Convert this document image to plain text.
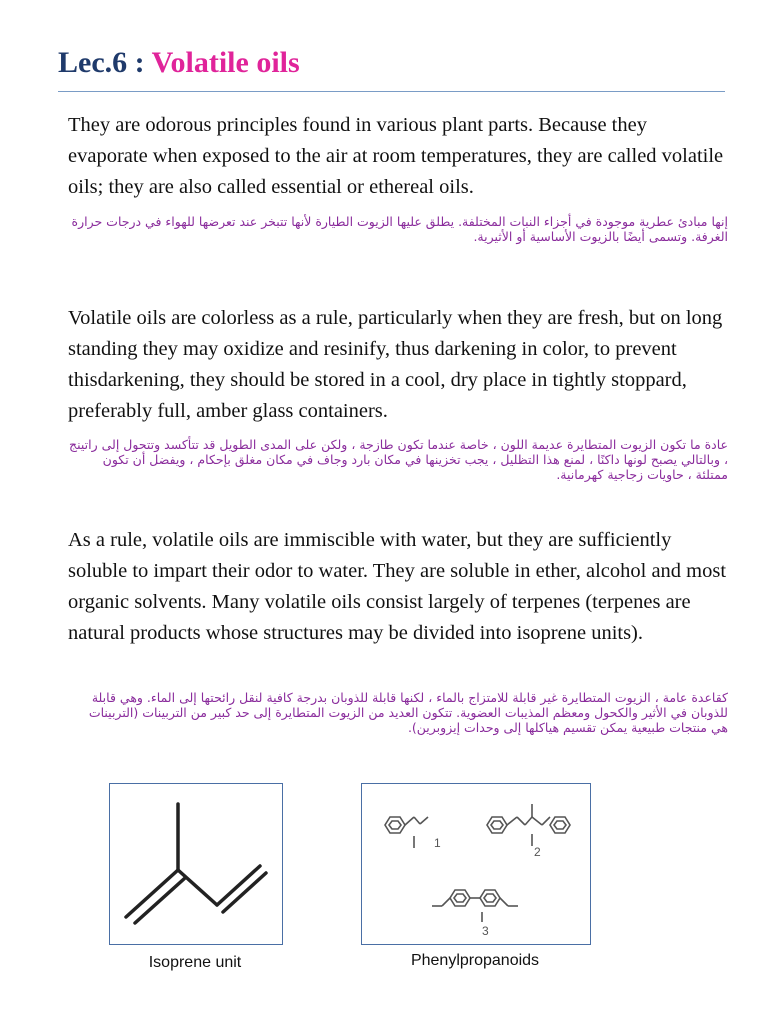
Lec.6 : Volatile oils

They are odorous principles found in various plant parts. Because they evaporate when exposed to the air at room temperatures, they are called volatile oils; they are also called essential or ethereal oils.

إنها مبادئ عطرية موجودة في أجزاء النبات المختلفة. يطلق عليها الزيوت الطيارة لأنها تتبخر عند تعرضها للهواء في درجات حرارة الغرفة. وتسمى أيضًا بالزيوت الأساسية أو الأثيرية.

Volatile oils are colorless as a rule, particularly when they are fresh, but on long standing they may oxidize and resinify, thus darkening in color, to prevent thisdarkening, they should be stored in a cool, dry place in tightly stoppard, preferably full, amber glass containers.

عادة ما تكون الزيوت المتطايرة عديمة اللون ، خاصة عندما تكون طازجة ، ولكن على المدى الطويل قد تتأكسد وتتحول إلى راتينج ، وبالتالي يصبح لونها داكنًا ، لمنع هذا التظليل ، يجب تخزينها في مكان بارد وجاف في مكان مغلق بإحكام ، ويفضل أن تكون ممتلئة ، حاويات زجاجية كهرمانية.

As a rule, volatile oils are immiscible with water, but they are sufficiently soluble to impart their odor to water. They are soluble in ether, alcohol and most organic solvents. Many volatile oils consist largely of terpenes (terpenes are natural products whose structures may be divided into isoprene units).

كقاعدة عامة ، الزيوت المتطايرة غير قابلة للامتزاج بالماء ، لكنها قابلة للذوبان بدرجة كافية لنقل رائحتها إلى الماء. وهي قابلة للذوبان في الأثير والكحول ومعظم المذيبات العضوية. تتكون العديد من الزيوت المتطايرة إلى حد كبير من التربينات (التربينات هي منتجات طبيعية يمكن تقسيم هياكلها إلى وحدات إيزوبرين).

Isoprene unit

1
2
3

Phenylpropanoids
